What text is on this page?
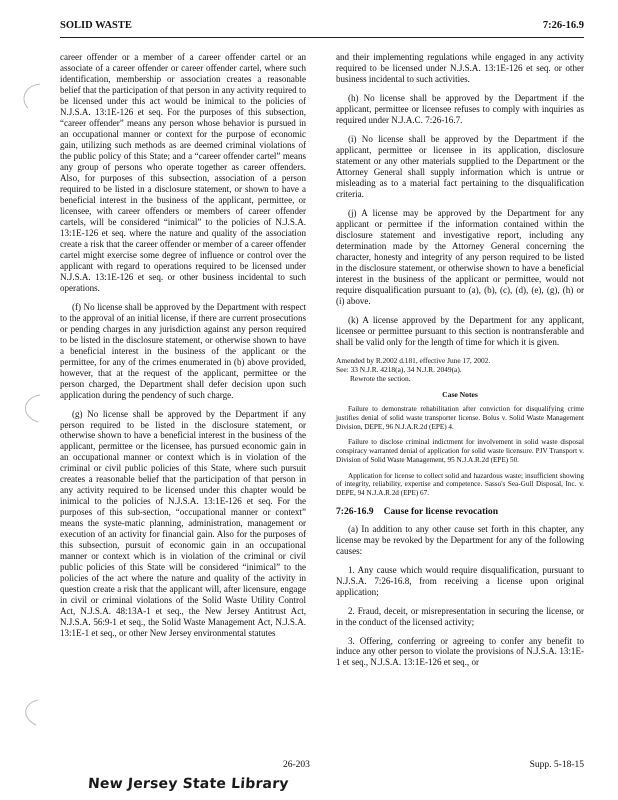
SOLID WASTE	7:26-16.9

career offender or a member of a career offender cartel or an associate of a career offender or career offender cartel, where such identification, membership or association creates a reasonable belief that the participation of that person in any activity required to be licensed under this act would be inimical to the policies of N.J.S.A. 13:1E-126 et seq. For the purposes of this subsection, “career offender” means any person whose behavior is pursued in an occupational manner or context for the purpose of economic gain, utilizing such methods as are deemed criminal violations of the public policy of this State; and a “career offender cartel” means any group of persons who operate together as career offenders. Also, for purposes of this subsection, association of a person required to be listed in a disclosure statement, or shown to have a beneficial interest in the business of the applicant, permittee, or licensee, with career offenders or members of career offender cartels, will be considered “inimical” to the policies of N.J.S.A. 13:1E-126 et seq. where the nature and quality of the association create a risk that the career offender or member of a career offender cartel might exercise some degree of influence or control over the applicant with regard to operations required to be licensed under N.J.S.A. 13:1E-126 et seq. or other business incidental to such operations.

(f) No license shall be approved by the Department with respect to the approval of an initial license, if there are current prosecutions or pending charges in any jurisdiction against any person required to be listed in the disclosure statement, or otherwise shown to have a beneficial interest in the business of the applicant or the permittee, for any of the crimes enumerated in (b) above provided, however, that at the request of the applicant, permittee or the person charged, the Department shall defer decision upon such application during the pendency of such charge.

(g) No license shall be approved by the Department if any person required to be listed in the disclosure statement, or otherwise shown to have a beneficial interest in the business of the applicant, permittee or the licensee, has pursued economic gain in an occupational manner or context which is in violation of the criminal or civil public policies of this State, where such pursuit creates a reasonable belief that the participation of that person in any activity required to be licensed under this chapter would be inimical to the policies of N.J.S.A. 13:1E-126 et seq. For the purposes of this sub-section, “occupational manner or context” means the syste-matic planning, administration, management or execution of an activity for financial gain. Also for the purposes of this subsection, pursuit of economic gain in an occupational manner or context which is in violation of the criminal or civil public policies of this State will be considered “inimical” to the policies of the act where the nature and quality of the activity in question create a risk that the applicant will, after licensure, engage in civil or criminal violations of the Solid Waste Utility Control Act, N.J.S.A. 48:13A-1 et seq., the New Jersey Antitrust Act, N.J.S.A. 56:9-1 et seq., the Solid Waste Management Act, N.J.S.A. 13:1E-1 et seq., or other New Jersey environmental statutes

and their implementing regulations while engaged in any activity required to be licensed under N.J.S.A. 13:1E-126 et seq. or other business incidental to such activities.

(h) No license shall be approved by the Department if the applicant, permittee or licensee refuses to comply with inquiries as required under N.J.A.C. 7:26-16.7.

(i) No license shall be approved by the Department if the applicant, permittee or licensee in its application, disclosure statement or any other materials supplied to the Department or the Attorney General shall supply information which is untrue or misleading as to a material fact pertaining to the disqualification criteria.

(j) A license may be approved by the Department for any applicant or permittee if the information contained within the disclosure statement and investigative report, including any determination made by the Attorney General concerning the character, honesty and integrity of any person required to be listed in the disclosure statement, or otherwise shown to have a beneficial interest in the business of the applicant or permittee, would not require disqualification pursuant to (a), (b), (c), (d), (e), (g), (h) or (i) above.

(k) A license approved by the Department for any applicant, licensee or permittee pursuant to this section is nontransferable and shall be valid only for the length of time for which it is given.

Amended by R.2002 d.181, effective June 17, 2002.
See: 33 N.J.R. 4218(a), 34 N.J.R. 2049(a).
Rewrote the section.
Case Notes
Failure to demonstrate rehabilitation after conviction for disqualifying crime justifies denial of solid waste transporter license. Bolus v. Solid Waste Management Division, DEPE, 96 N.J.A.R.2d (EPE) 4.
Failure to disclose criminal indictment for involvement in solid waste disposal conspiracy warranted denial of application for solid waste licensure. PJV Transport v. Division of Solid Waste Management, 95 N.J.A.R.2d (EPE) 50.
Application for license to collect solid and hazardous waste; insufficient showing of integrity, reliability, expertise and competence. Sasso's Sea-Gull Disposal, Inc. v. DEPE, 94 N.J.A.R.2d (EPE) 67.
7:26-16.9 Cause for license revocation

(a) In addition to any other cause set forth in this chapter, any license may be revoked by the Department for any of the following causes:

1. Any cause which would require disqualification, pursuant to N.J.S.A. 7:26-16.8, from receiving a license upon original application;

2. Fraud, deceit, or misrepresentation in securing the license, or in the conduct of the licensed activity;

3. Offering, conferring or agreeing to confer any benefit to induce any other person to violate the provisions of N.J.S.A. 13:1E-1 et seq., N.J.S.A. 13:1E-126 et seq., or

26-203	Supp. 5-18-15
New Jersey State Library
